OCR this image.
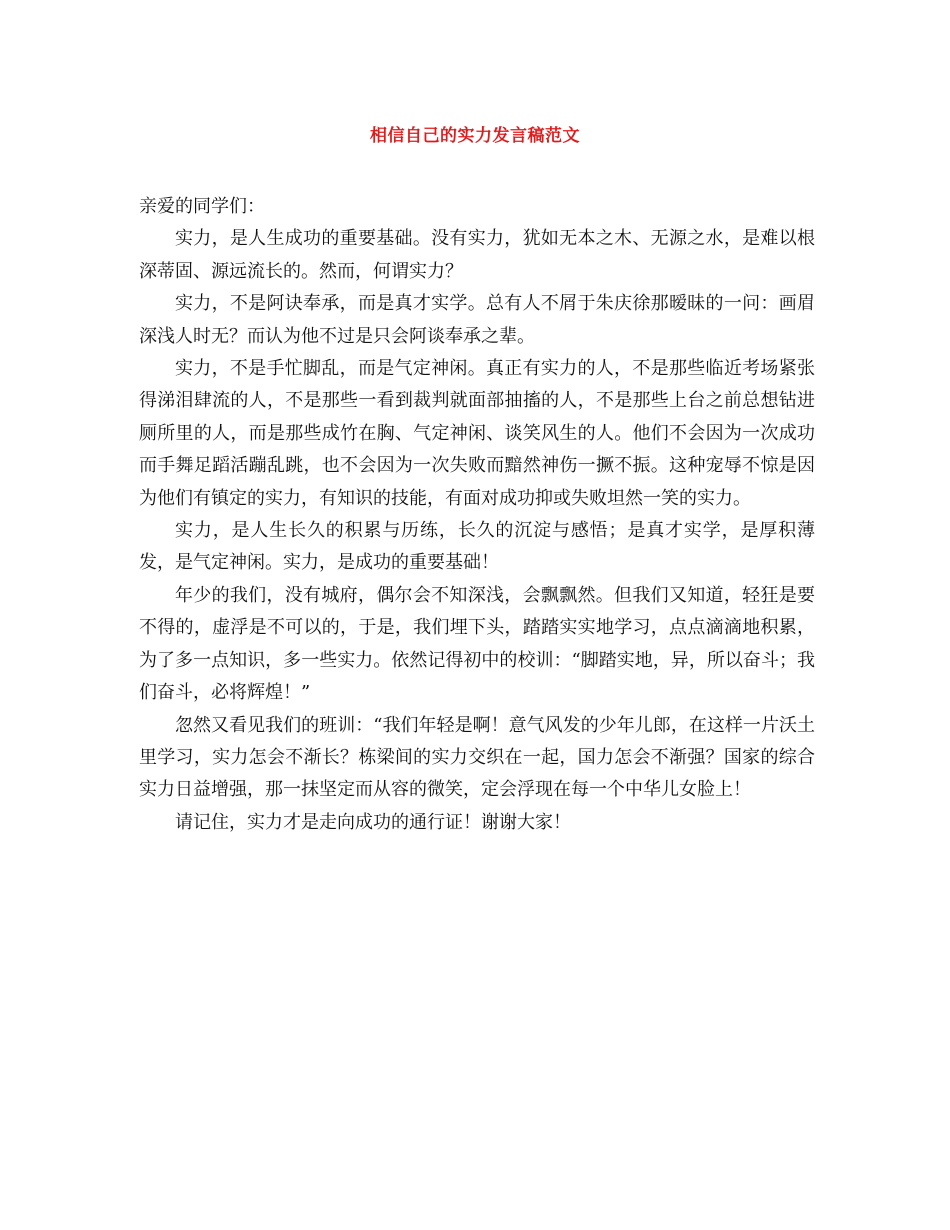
相信自己的实力发言稿范文

亲爱的同学们：

实力，是人生成功的重要基础。没有实力，犹如无本之木、无源之水，是难以根深蒂固、源远流长的。然而，何谓实力？

实力，不是阿诀奉承，而是真才实学。总有人不屑于朱庆徐那暧昧的一问：画眉深浅人时无？而认为他不过是只会阿谈奉承之辈。

实力，不是手忙脚乱，而是气定神闲。真正有实力的人，不是那些临近考场紧张得涕泪肆流的人，不是那些一看到裁判就面部抽搐的人，不是那些上台之前总想钻进厕所里的人，而是那些成竹在胸、气定神闲、谈笑风生的人。他们不会因为一次成功而手舞足蹈活蹦乱跳，也不会因为一次失败而黯然神伤一撅不振。这种宠辱不惊是因为他们有镇定的实力，有知识的技能，有面对成功抑或失败坦然一笑的实力。

实力，是人生长久的积累与历练，长久的沉淀与感悟；是真才实学，是厚积薄发，是气定神闲。实力，是成功的重要基础！

年少的我们，没有城府，偶尔会不知深浅，会飘飘然。但我们又知道，轻狂是要不得的，虚浮是不可以的，于是，我们埋下头，踏踏实实地学习，点点滴滴地积累，为了多一点知识，多一些实力。依然记得初中的校训：“脚踏实地，异，所以奋斗；我们奋斗，必将辉煌！”

忽然又看见我们的班训：“我们年轻是啊！意气风发的少年儿郎，在这样一片沃土里学习，实力怎会不渐长？栋梁间的实力交织在一起，国力怎会不渐强？国家的综合实力日益增强，那一抹坚定而从容的微笑，定会浮现在每一个中华儿女脸上！

请记住，实力才是走向成功的通行证！谢谢大家！
